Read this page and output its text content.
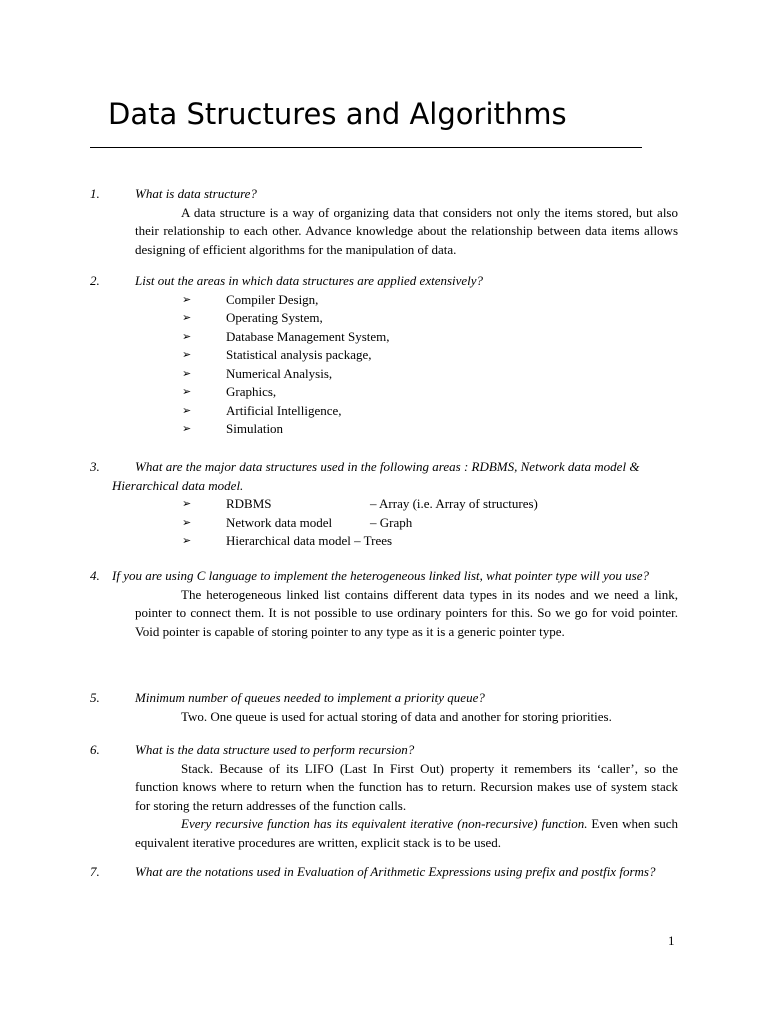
Data Structures and Algorithms
1.	What is data structure?

A data structure is a way of organizing data that considers not only the items stored, but also their relationship to each other. Advance knowledge about the relationship between data items allows designing of efficient algorithms for the manipulation of data.

2.	List out the areas in which data structures are applied extensively?
➢	Compiler Design,
➢	Operating System,
➢	Database Management System,
➢	Statistical analysis package,
➢	Numerical Analysis,
➢	Graphics,
➢	Artificial Intelligence,
➢	Simulation
3.	What are the major data structures used in the following areas : RDBMS, Network data model & Hierarchical data model.
➢	RDBMS	– Array (i.e. Array of structures)
➢	Network data model	– Graph
➢	Hierarchical data model – Trees
4. If you are using C language to implement the heterogeneous linked list, what pointer type will you use?

The heterogeneous linked list contains different data types in its nodes and we need a link, pointer to connect them. It is not possible to use ordinary pointers for this. So we go for void pointer. Void pointer is capable of storing pointer to any type as it is a generic pointer type.

5.	Minimum number of queues needed to implement a priority queue?

Two. One queue is used for actual storing of data and another for storing priorities.

6.	What is the data structure used to perform recursion?

Stack. Because of its LIFO (Last In First Out) property it remembers its ‘caller’, so the function knows where to return when the function has to return. Recursion makes use of system stack for storing the return addresses of the function calls.

Every recursive function has its equivalent iterative (non-recursive) function. Even when such equivalent iterative procedures are written, explicit stack is to be used.

7.	What are the notations used in Evaluation of Arithmetic Expressions using prefix and postfix forms?
1
